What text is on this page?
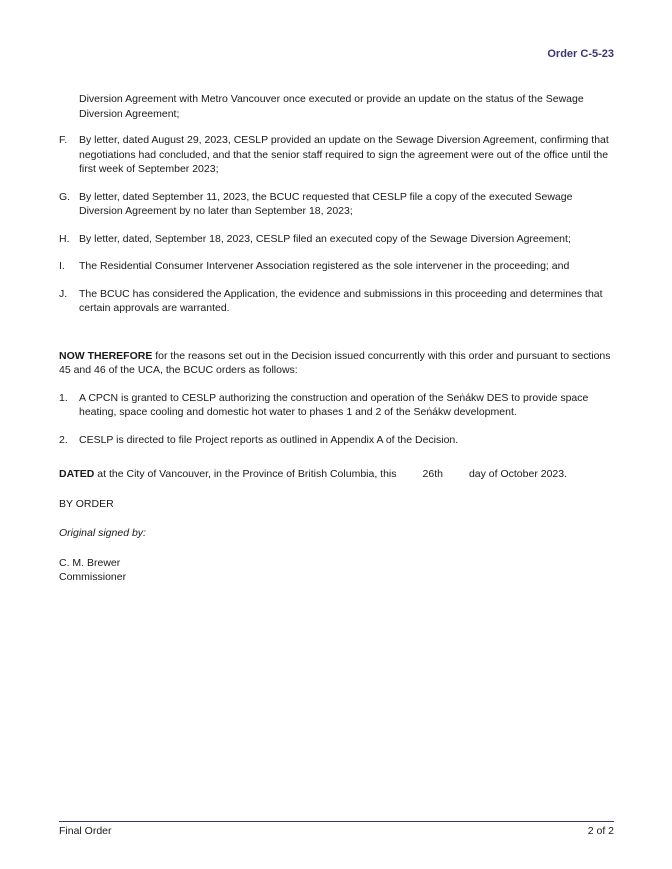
Order C-5-23
Diversion Agreement with Metro Vancouver once executed or provide an update on the status of the Sewage Diversion Agreement;
F.	By letter, dated August 29, 2023, CESLP provided an update on the Sewage Diversion Agreement, confirming that negotiations had concluded, and that the senior staff required to sign the agreement were out of the office until the first week of September 2023;
G. By letter, dated September 11, 2023, the BCUC requested that CESLP file a copy of the executed Sewage Diversion Agreement by no later than September 18, 2023;
H. By letter, dated, September 18, 2023, CESLP filed an executed copy of the Sewage Diversion Agreement;
I.	The Residential Consumer Intervener Association registered as the sole intervener in the proceeding; and
J.	The BCUC has considered the Application, the evidence and submissions in this proceeding and determines that certain approvals are warranted.
NOW THEREFORE for the reasons set out in the Decision issued concurrently with this order and pursuant to sections 45 and 46 of the UCA, the BCUC orders as follows:
1.	A CPCN is granted to CESLP authorizing the construction and operation of the Seṅákw DES to provide space heating, space cooling and domestic hot water to phases 1 and 2 of the Seṅákw development.
2.	CESLP is directed to file Project reports as outlined in Appendix A of the Decision.
DATED at the City of Vancouver, in the Province of British Columbia, this 26th day of October 2023.
BY ORDER
Original signed by:
C. M. Brewer
Commissioner
Final Order	2 of 2
